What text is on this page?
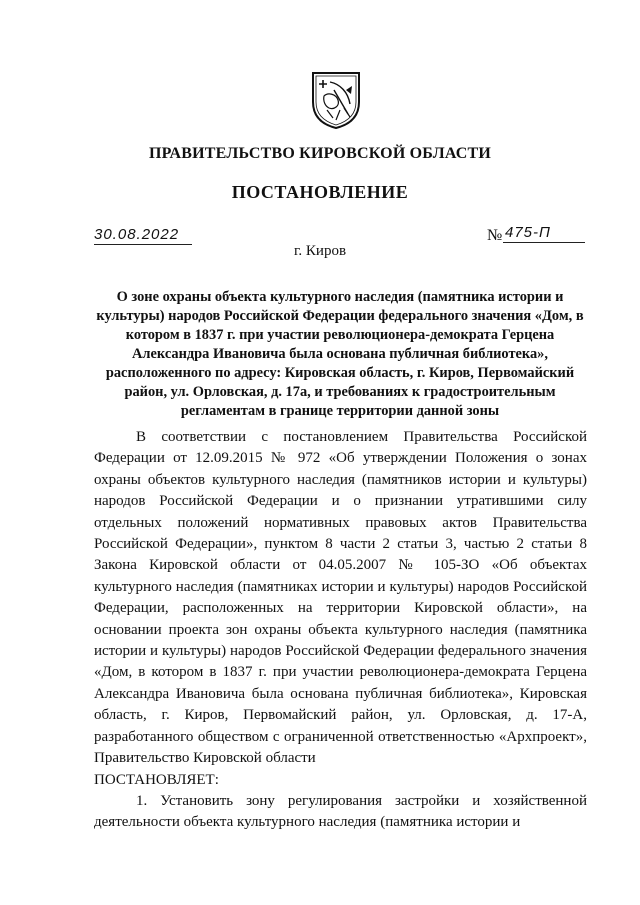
ПРАВИТЕЛЬСТВО КИРОВСКОЙ ОБЛАСТИ
ПОСТАНОВЛЕНИЕ
30.08.2022	№ 475-П
г. Киров
О зоне охраны объекта культурного наследия (памятника истории и культуры) народов Российской Федерации федерального значения «Дом, в котором в 1837 г. при участии революционера-демократа Герцена Александра Ивановича была основана публичная библиотека», расположенного по адресу: Кировская область, г. Киров, Первомайский район, ул. Орловская, д. 17а, и требованиях к градостроительным регламентам в границе территории данной зоны

В соответствии с постановлением Правительства Российской Федерации от 12.09.2015 № 972 «Об утверждении Положения о зонах охраны объектов культурного наследия (памятников истории и культуры) народов Российской Федерации и о признании утратившими силу отдельных положений нормативных правовых актов Правительства Российской Федерации», пунктом 8 части 2 статьи 3, частью 2 статьи 8 Закона Кировской области от 04.05.2007 № 105-ЗО «Об объектах культурного наследия (памятниках истории и культуры) народов Российской Федерации, расположенных на территории Кировской области», на основании проекта зон охраны объекта культурного наследия (памятника истории и культуры) народов Российской Федерации федерального значения «Дом, в котором в 1837 г. при участии революционера-демократа Герцена Александра Ивановича была основана публичная библиотека», Кировская область, г. Киров, Первомайский район, ул. Орловская, д. 17-А, разработанного обществом с ограниченной ответственностью «Архпроект», Правительство Кировской области

ПОСТАНОВЛЯЕТ:

1. Установить зону регулирования застройки и хозяйственной деятельности объекта культурного наследия (памятника истории и
